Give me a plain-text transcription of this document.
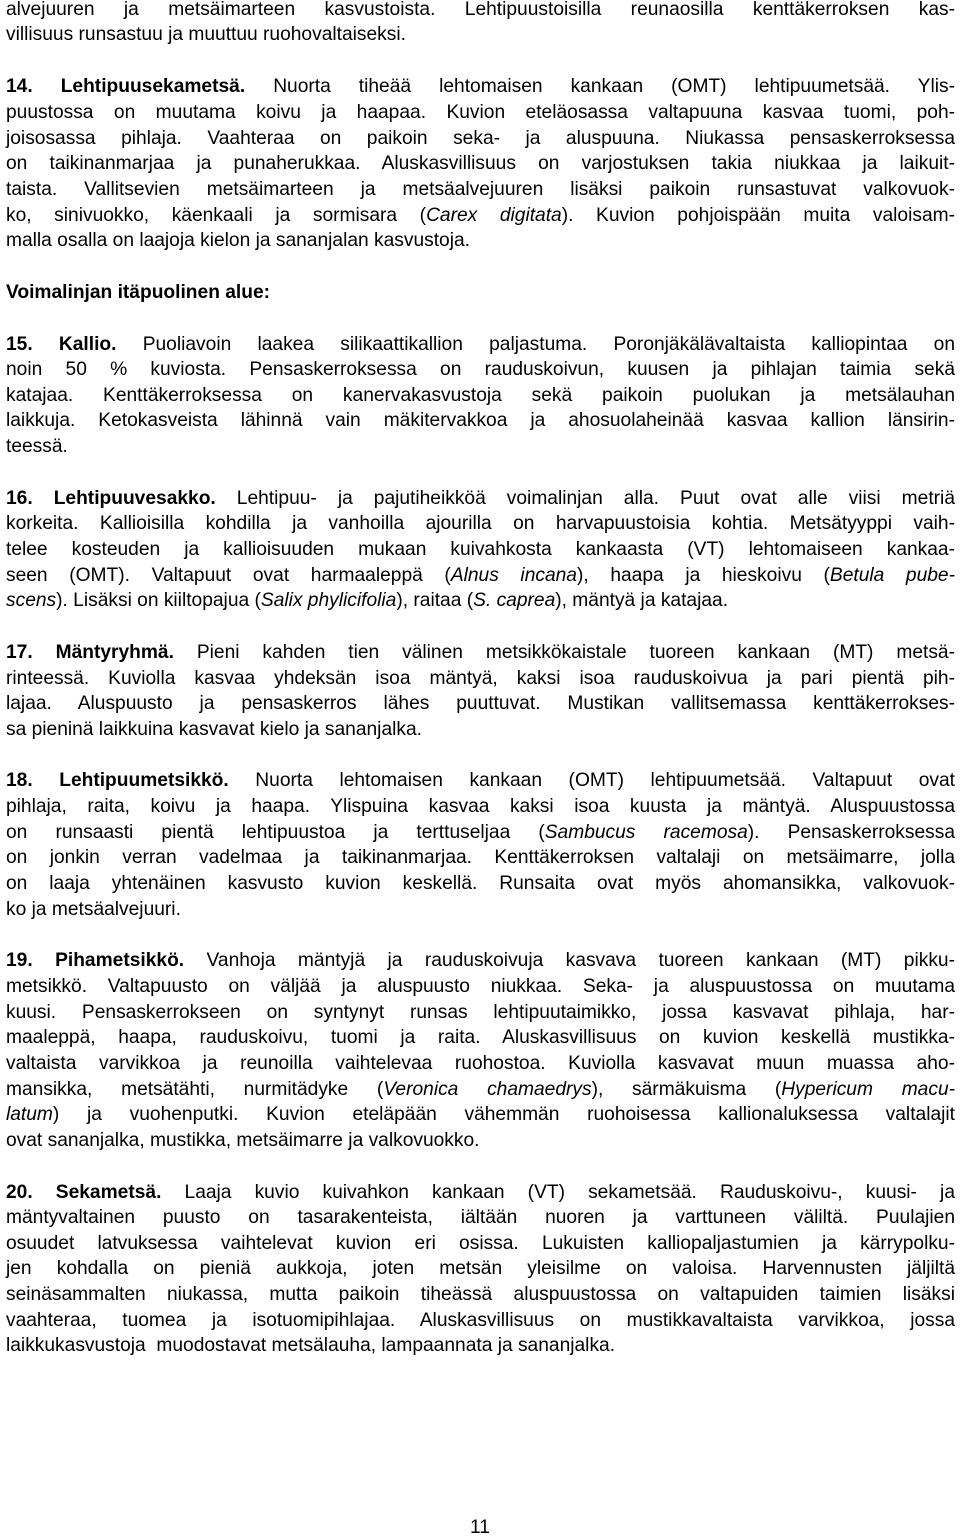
alvejuuren ja metsäimarteen kasvustoista. Lehtipuustoisilla reunaosilla kenttäkerroksen kas-
villisuus runsastuu ja muuttuu ruohovaltaiseksi.
14. Lehtipuusekametsä. Nuorta tiheää lehtomaisen kankaan (OMT) lehtipuumetsää. Ylis-
puustossa on muutama koivu ja haapaa. Kuvion eteläosassa valtapuuna kasvaa tuomi, poh-
joisosassa pihlaja. Vaahteraa on paikoin seka- ja aluspuuna. Niukassa pensaskerroksessa
on taikinanmarjaa ja punaherukkaa. Aluskasvillisuus on varjostuksen takia niukkaa ja laikuit-
taista. Vallitsevien metsäimarteen ja metsäalvejuuren lisäksi paikoin runsastuvat valkovuok-
ko, sinivuokko, käenkaali ja sormisara (Carex digitata). Kuvion pohjoispään muita valoisam-
malla osalla on laajoja kielon ja sananjalan kasvustoja.
Voimalinjan itäpuolinen alue:
15. Kallio. Puoliavoin laakea silikaattikallion paljastuma. Poronjäkälävaltaista kalliopintaa on
noin 50 % kuviosta. Pensaskerroksessa on rauduskoivun, kuusen ja pihlajan taimia sekä
katajaa. Kenttäkerroksessa on kanervakasvustoja sekä paikoin puolukan ja metsälauhan
laikkuja. Ketokasveista lähinnä vain mäkitervakkoa ja ahosuolaheinää kasvaa kallion länsirin-
teessä.
16. Lehtipuuvesakko. Lehtipuu- ja pajutiheikköä voimalinjan alla. Puut ovat alle viisi metriä
korkeita. Kallioisilla kohdilla ja vanhoilla ajourilla on harvapuustoisia kohtia. Metsätyyppi vaih-
telee kosteuden ja kallioisuuden mukaan kuivahkosta kankaasta (VT) lehtomaiseen kankaa-
seen (OMT). Valtapuut ovat harmaaleppä (Alnus incana), haapa ja hieskoivu (Betula pube-
scens). Lisäksi on kiiltopajua (Salix phylicifolia), raitaa (S. caprea), mäntyä ja katajaa.
17. Mäntyryhmä. Pieni kahden tien välinen metsikkökaistale tuoreen kankaan (MT) metsä-
rinteessä. Kuviolla kasvaa yhdeksän isoa mäntyä, kaksi isoa rauduskoivua ja pari pientä pih-
lajaa. Aluspuusto ja pensaskerros lähes puuttuvat. Mustikan vallitsemassa kenttäkerrokses-
sa pieninä laikkuina kasvavat kielo ja sananjalka.
18. Lehtipuumetsikkö. Nuorta lehtomaisen kankaan (OMT) lehtipuumetsää. Valtapuut ovat
pihlaja, raita, koivu ja haapa. Ylispuina kasvaa kaksi isoa kuusta ja mäntyä. Aluspuustossa
on runsaasti pientä lehtipuustoa ja terttuseljaa (Sambucus racemosa). Pensaskerroksessa
on jonkin verran vadelmaa ja taikinanmarjaa. Kenttäkerroksen valtalaji on metsäimarre, jolla
on laaja yhtenäinen kasvusto kuvion keskellä. Runsaita ovat myös ahomansikka, valkovuok-
ko ja metsäalvejuuri.
19. Pihametsikkö. Vanhoja mäntyjä ja rauduskoivuja kasvava tuoreen kankaan (MT) pikku-
metsikkö. Valtapuusto on väljää ja aluspuusto niukkaa. Seka- ja aluspuustossa on muutama
kuusi. Pensaskerrokseen on syntynyt runsas lehtipuutaimikko, jossa kasvavat pihlaja, har-
maaleppä, haapa, rauduskoivu, tuomi ja raita. Aluskasvillisuus on kuvion keskellä mustikka-
valtaista varvikkoa ja reunoilla vaihtelevaa ruohostoa. Kuviolla kasvavat muun muassa aho-
mansikka, metsätähti, nurmitädyke (Veronica chamaedrys), särmäkuisma (Hypericum macu-
latum) ja vuohenputki. Kuvion eteläpään vähemmän ruohoisessa kallionaluksessa valtalajit
ovat sananjalka, mustikka, metsäimarre ja valkovuokko.
20. Sekametsä. Laaja kuvio kuivahkon kankaan (VT) sekametsää. Rauduskoivu-, kuusi- ja
mäntyvaltainen puusto on tasarakenteista, iältään nuoren ja varttuneen väliltä. Puulajien
osuudet latvuksessa vaihtelevat kuvion eri osissa. Lukuisten kalliopaljastumien ja kärrypolku-
jen kohdalla on pieniä aukkoja, joten metsän yleisilme on valoisa. Harvennusten jäljiltä
seinäsammalten niukassa, mutta paikoin tiheässä aluspuustossa on valtapuiden taimien lisäksi
vaahteraa, tuomea ja isotuomipihlajaa. Aluskasvillisuus on mustikkavaltaista varvikkoa, jossa
laikkukasvustoja  muodostavat metsälauha, lampaannata ja sananjalka.
11
